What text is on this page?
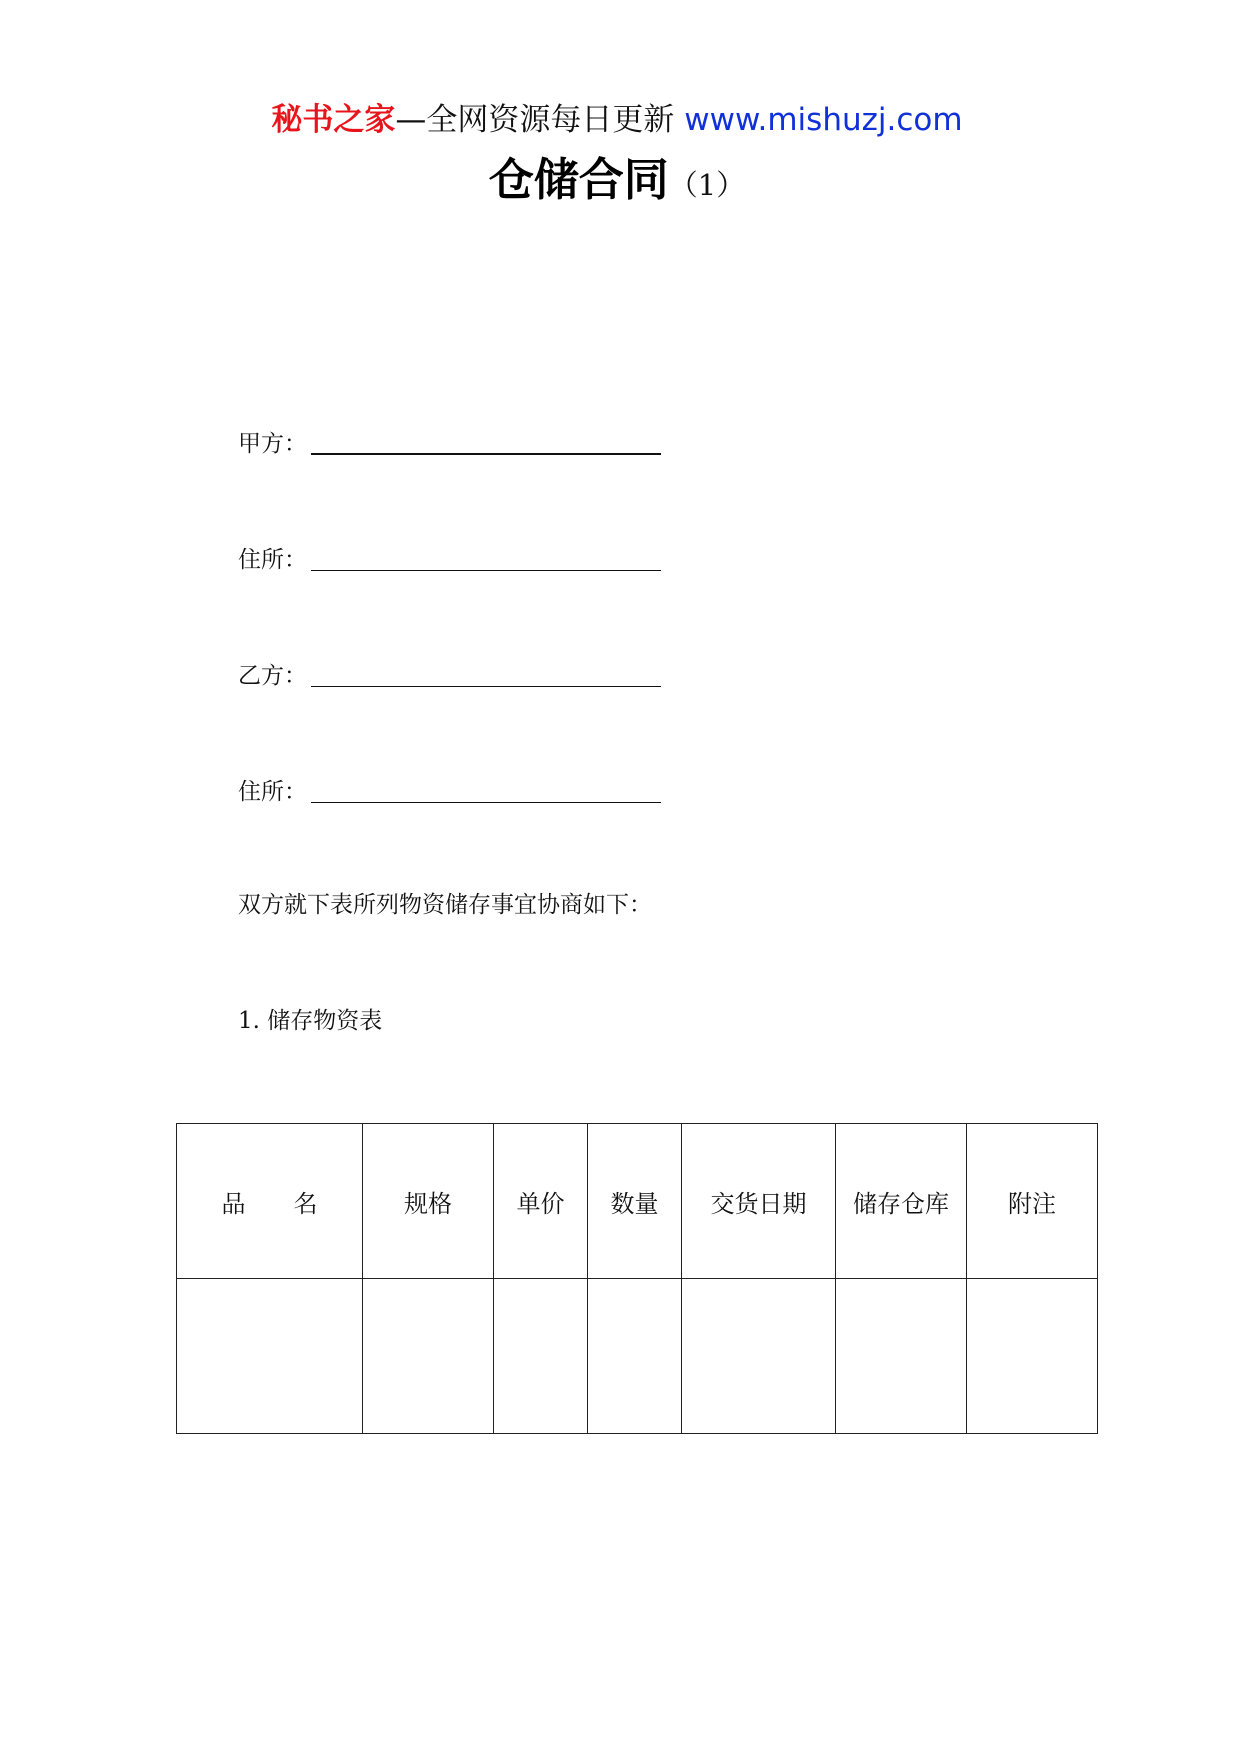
秘书之家—全网资源每日更新 www.mishuzj.com
仓储合同（1）
甲方：
住所：
乙方：
住所：
双方就下表所列物资储存事宜协商如下：
1. 储存物资表
品　　名	规格	单价	数量	交货日期	储存仓库	附注
